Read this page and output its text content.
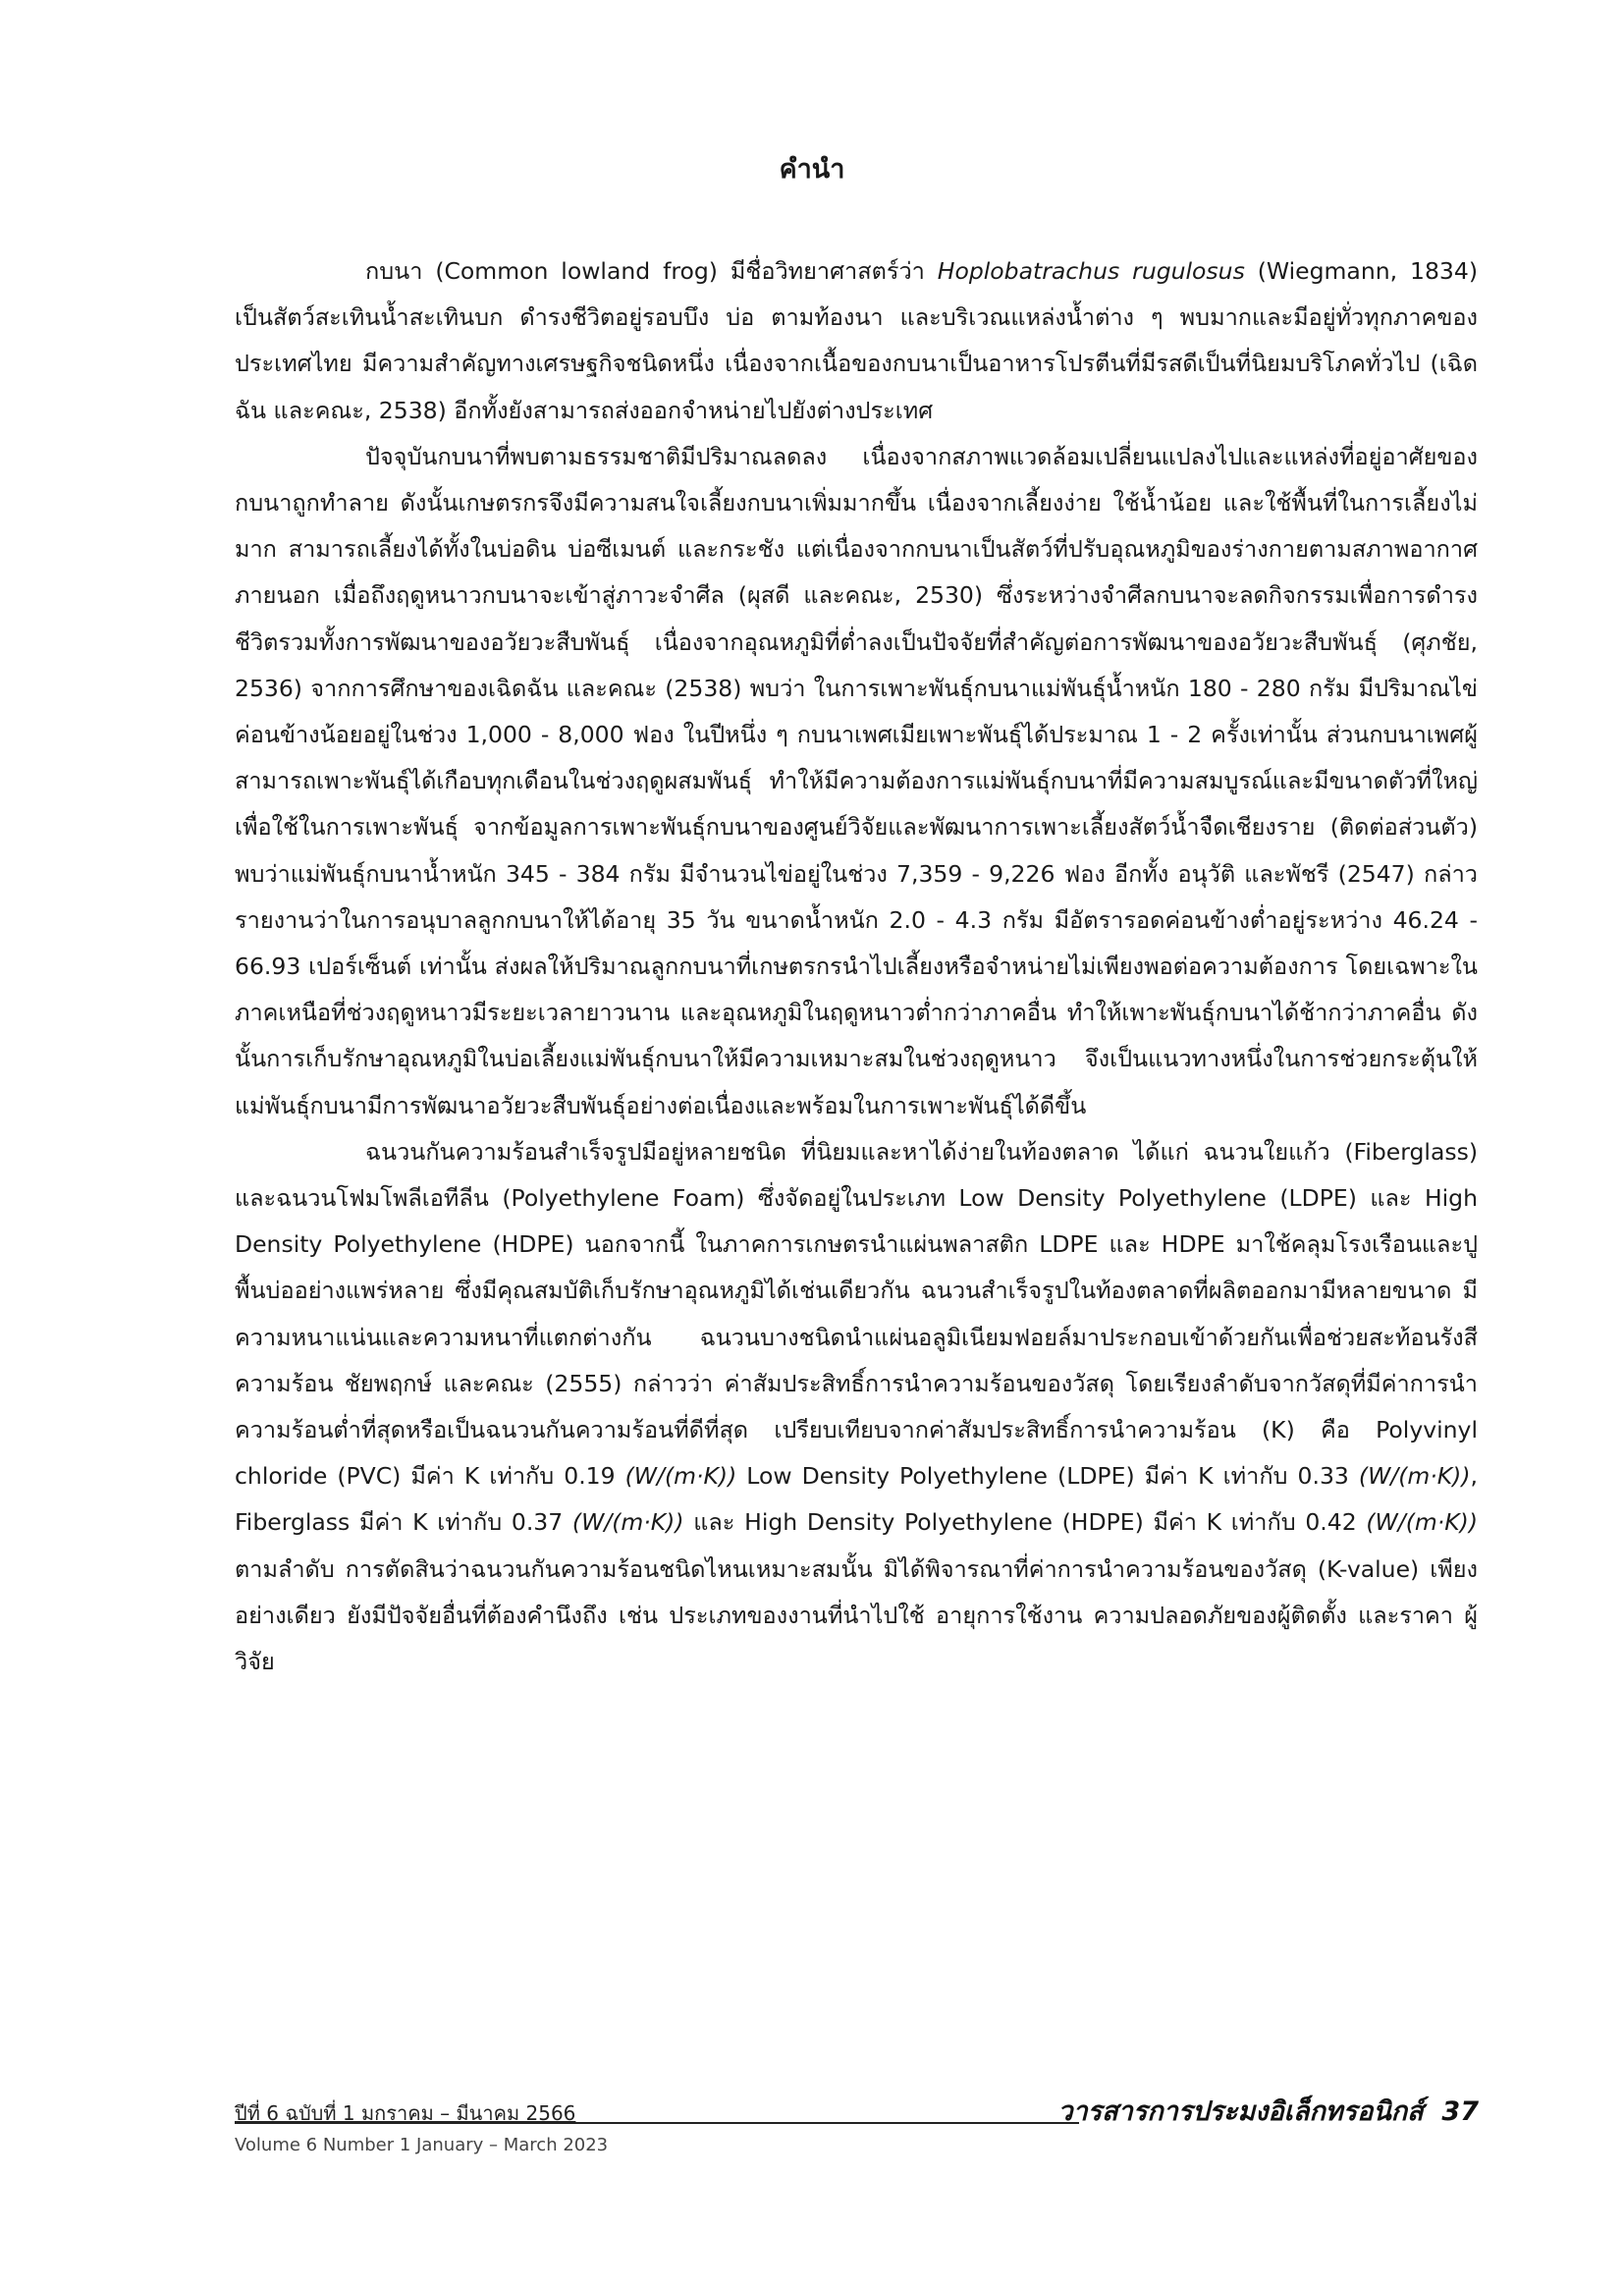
คำนำ

กบนา (Common lowland frog) มีชื่อวิทยาศาสตร์ว่า Hoplobatrachus rugulosus (Wiegmann, 1834) เป็นสัตว์สะเทินน้ำสะเทินบก ดำรงชีวิตอยู่รอบบึง บ่อ ตามท้องนา และบริเวณแหล่งน้ำต่าง ๆ พบมากและมีอยู่ทั่วทุกภาคของประเทศไทย มีความสำคัญทางเศรษฐกิจชนิดหนึ่ง เนื่องจากเนื้อของกบนาเป็นอาหารโปรตีนที่มีรสดีเป็นที่นิยมบริโภคทั่วไป (เฉิดฉัน และคณะ, 2538) อีกทั้งยังสามารถส่งออกจำหน่ายไปยังต่างประเทศ

ปัจจุบันกบนาที่พบตามธรรมชาติมีปริมาณลดลง เนื่องจากสภาพแวดล้อมเปลี่ยนแปลงไปและแหล่งที่อยู่อาศัยของกบนาถูกทำลาย ดังนั้นเกษตรกรจึงมีความสนใจเลี้ยงกบนาเพิ่มมากขึ้น เนื่องจากเลี้ยงง่าย ใช้น้ำน้อย และใช้พื้นที่ในการเลี้ยงไม่มาก สามารถเลี้ยงได้ทั้งในบ่อดิน บ่อซีเมนต์ และกระชัง แต่เนื่องจากกบนาเป็นสัตว์ที่ปรับอุณหภูมิของร่างกายตามสภาพอากาศภายนอก เมื่อถึงฤดูหนาวกบนาจะเข้าสู่ภาวะจำศีล (ผุสดี และคณะ, 2530) ซึ่งระหว่างจำศีลกบนาจะลดกิจกรรมเพื่อการดำรงชีวิตรวมทั้งการพัฒนาของอวัยวะสืบพันธุ์ เนื่องจากอุณหภูมิที่ต่ำลงเป็นปัจจัยที่สำคัญต่อการพัฒนาของอวัยวะสืบพันธุ์ (ศุภชัย, 2536) จากการศึกษาของเฉิดฉัน และคณะ (2538) พบว่า ในการเพาะพันธุ์กบนาแม่พันธุ์น้ำหนัก 180 - 280 กรัม มีปริมาณไข่ค่อนข้างน้อยอยู่ในช่วง 1,000 - 8,000 ฟอง ในปีหนึ่ง ๆ กบนาเพศเมียเพาะพันธุ์ได้ประมาณ 1 - 2 ครั้งเท่านั้น ส่วนกบนาเพศผู้สามารถเพาะพันธุ์ได้เกือบทุกเดือนในช่วงฤดูผสมพันธุ์ ทำให้มีความต้องการแม่พันธุ์กบนาที่มีความสมบูรณ์และมีขนาดตัวที่ใหญ่เพื่อใช้ในการเพาะพันธุ์ จากข้อมูลการเพาะพันธุ์กบนาของศูนย์วิจัยและพัฒนาการเพาะเลี้ยงสัตว์น้ำจืดเชียงราย (ติดต่อส่วนตัว) พบว่าแม่พันธุ์กบนาน้ำหนัก 345 - 384 กรัม มีจำนวนไข่อยู่ในช่วง 7,359 - 9,226 ฟอง อีกทั้ง อนุวัติ และพัชรี (2547) กล่าวรายงานว่าในการอนุบาลลูกกบนาให้ได้อายุ 35 วัน ขนาดน้ำหนัก 2.0 - 4.3 กรัม มีอัตรารอดค่อนข้างต่ำอยู่ระหว่าง 46.24 - 66.93 เปอร์เซ็นต์ เท่านั้น ส่งผลให้ปริมาณลูกกบนาที่เกษตรกรนำไปเลี้ยงหรือจำหน่ายไม่เพียงพอต่อความต้องการ โดยเฉพาะในภาคเหนือที่ช่วงฤดูหนาวมีระยะเวลายาวนาน และอุณหภูมิในฤดูหนาวต่ำกว่าภาคอื่น ทำให้เพาะพันธุ์กบนาได้ช้ากว่าภาคอื่น ดังนั้นการเก็บรักษาอุณหภูมิในบ่อเลี้ยงแม่พันธุ์กบนาให้มีความเหมาะสมในช่วงฤดูหนาว จึงเป็นแนวทางหนึ่งในการช่วยกระตุ้นให้แม่พันธุ์กบนามีการพัฒนาอวัยวะสืบพันธุ์อย่างต่อเนื่องและพร้อมในการเพาะพันธุ์ได้ดีขึ้น

ฉนวนกันความร้อนสำเร็จรูปมีอยู่หลายชนิด ที่นิยมและหาได้ง่ายในท้องตลาด ได้แก่ ฉนวนใยแก้ว (Fiberglass) และฉนวนโฟมโพลีเอทีลีน (Polyethylene Foam) ซึ่งจัดอยู่ในประเภท Low Density Polyethylene (LDPE) และ High Density Polyethylene (HDPE) นอกจากนี้ ในภาคการเกษตรนำแผ่นพลาสติก LDPE และ HDPE มาใช้คลุมโรงเรือนและปูพื้นบ่ออย่างแพร่หลาย ซึ่งมีคุณสมบัติเก็บรักษาอุณหภูมิได้เช่นเดียวกัน ฉนวนสำเร็จรูปในท้องตลาดที่ผลิตออกมามีหลายขนาด มีความหนาแน่นและความหนาที่แตกต่างกัน ฉนวนบางชนิดนำแผ่นอลูมิเนียมฟอยล์มาประกอบเข้าด้วยกันเพื่อช่วยสะท้อนรังสีความร้อน ชัยพฤกษ์ และคณะ (2555) กล่าวว่า ค่าสัมประสิทธิ์การนำความร้อนของวัสดุ โดยเรียงลำดับจากวัสดุที่มีค่าการนำความร้อนต่ำที่สุดหรือเป็นฉนวนกันความร้อนที่ดีที่สุด เปรียบเทียบจากค่าสัมประสิทธิ์การนำความร้อน (K) คือ Polyvinyl chloride (PVC) มีค่า K เท่ากับ 0.19 (W/(m·K)) Low Density Polyethylene (LDPE) มีค่า K เท่ากับ 0.33 (W/(m·K)), Fiberglass มีค่า K เท่ากับ 0.37 (W/(m·K)) และ High Density Polyethylene (HDPE) มีค่า K เท่ากับ 0.42 (W/(m·K)) ตามลำดับ การตัดสินว่าฉนวนกันความร้อนชนิดไหนเหมาะสมนั้น มิได้พิจารณาที่ค่าการนำความร้อนของวัสดุ (K-value) เพียงอย่างเดียว ยังมีปัจจัยอื่นที่ต้องคำนึงถึง เช่น ประเภทของงานที่นำไปใช้ อายุการใช้งาน ความปลอดภัยของผู้ติดตั้ง และราคา ผู้วิจัย

ปีที่ 6 ฉบับที่ 1 มกราคม – มีนาคม 2566	วารสารการประมงอิเล็กทรอนิกส์ 37
Volume 6 Number 1 January – March 2023
